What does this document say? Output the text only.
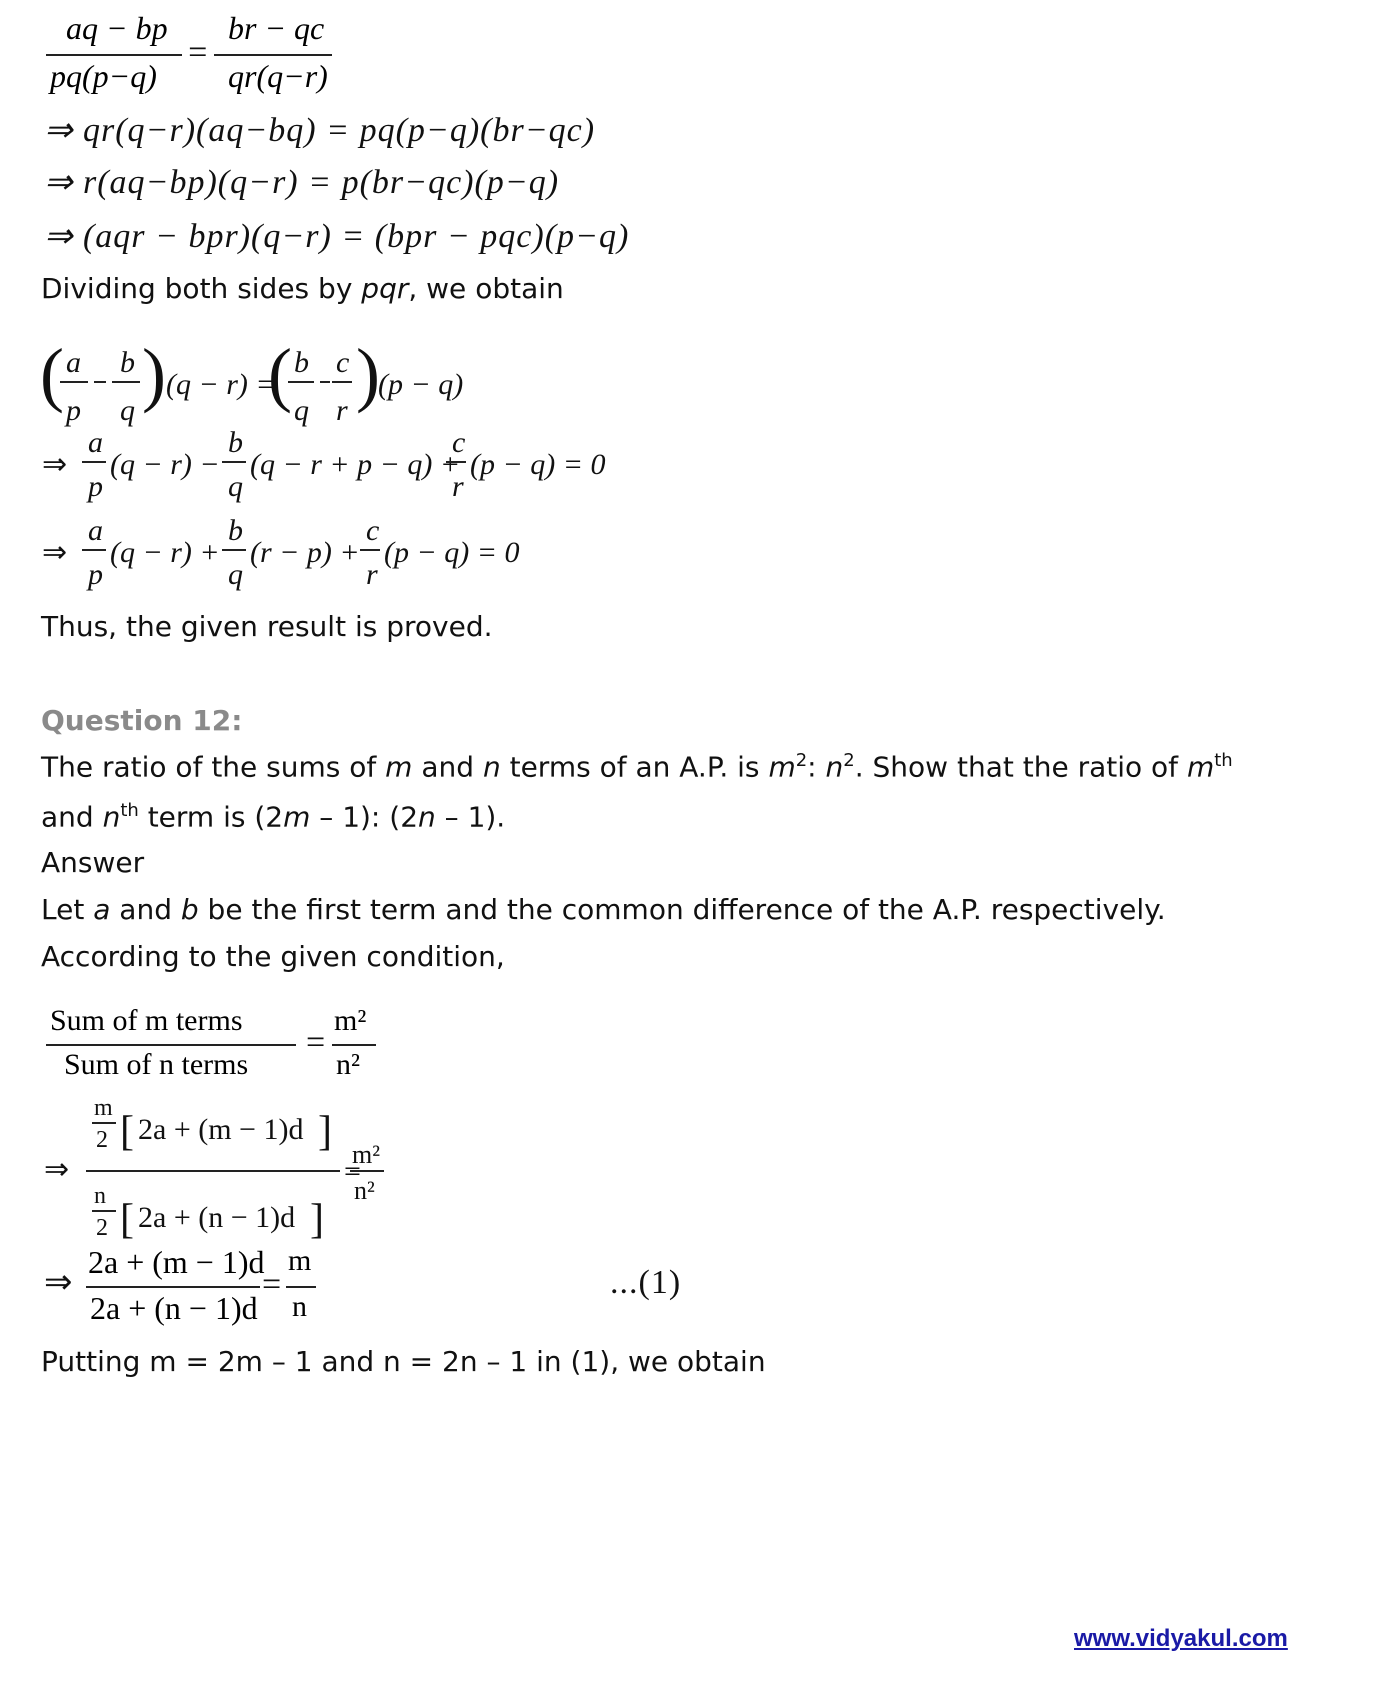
aq − bp
pq(p−q)
=
br − qc
qr(q−r)
⇒ qr(q−r)(aq−bq) = pq(p−q)(br−qc)
⇒ r(aq−bp)(q−r) = p(br−qc)(p−q)
⇒ (aqr − bpr)(q−r) = (bpr − pqc)(p−q)
Dividing both sides by pqr, we obtain
( a b
p q ) (q − r) =
( b c
q r )
(p − q)
⇒
a
p
(q − r) −
b
q
(q − r + p − q) +
c
r
(p − q) = 0
⇒
a
p
(q − r) +
b
q
(r − p) +
c
r
(p − q) = 0
Thus, the given result is proved.
Question 12:
The ratio of the sums of m and n terms of an A.P. is $m^2$: $n^2$. Show that the ratio of $m^{th}$
and $n^{th}$ term is (2m – 1): (2n – 1).
Answer
Let a and b be the first term and the common difference of the A.P. respectively.
According to the given condition,
Sum of m terms
Sum of n terms
=
m²
n²
⇒
m
2 [ 2a + (m − 1)d ]
n
2 [ 2a + (n − 1)d ]
=
m²
n²
⇒
2a + (m − 1)d
2a + (n − 1)d
=
m
n
...(1)
Putting m = 2m – 1 and n = 2n – 1 in (1), we obtain
www.vidyakul.com
